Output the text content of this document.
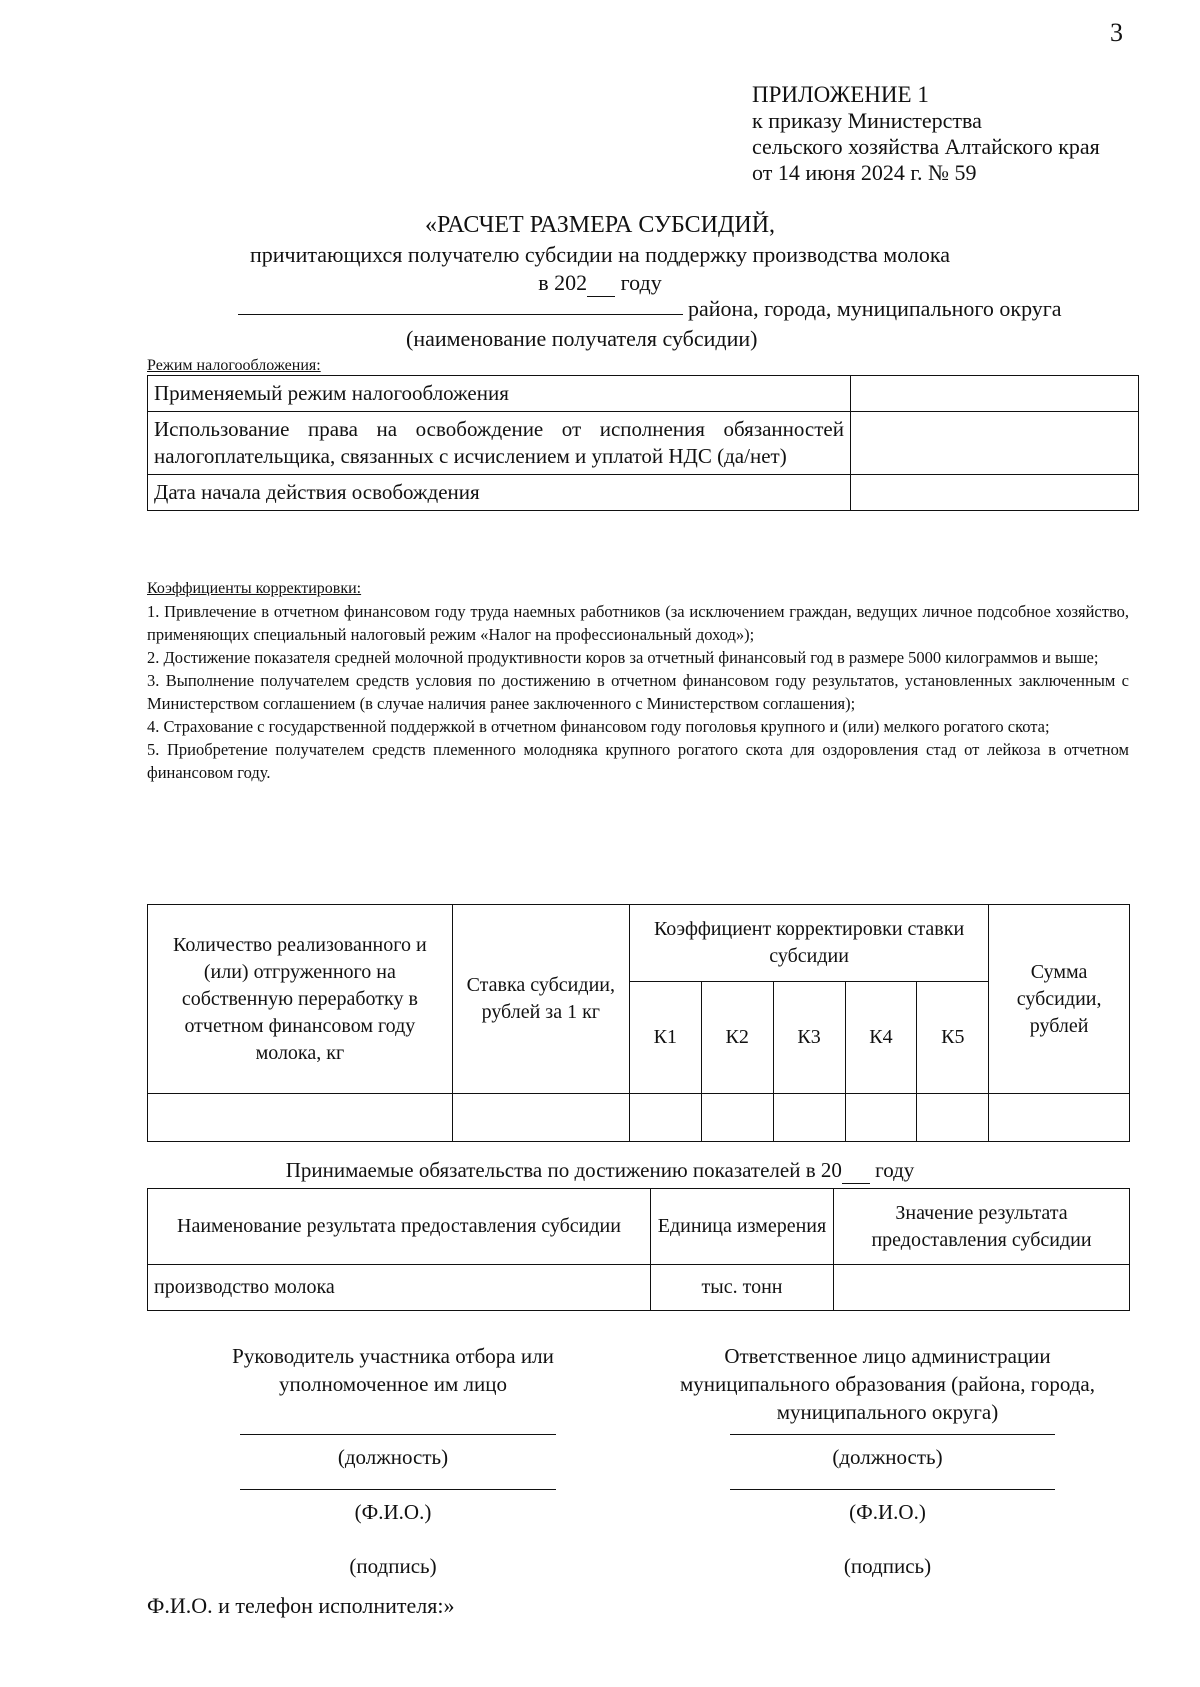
3
ПРИЛОЖЕНИЕ 1
к приказу Министерства
сельского хозяйства Алтайского края
от 14 июня 2024 г. № 59
«РАСЧЕТ РАЗМЕРА СУБСИДИЙ,
причитающихся получателю субсидии на поддержку производства молока
в 202 году
района, города, муниципального округа
(наименование получателя субсидии)
Режим налогообложения:
Применяемый режим налогообложения	
Использование права на освобождение от исполнения обязанностей налогоплательщика, связанных с исчислением и уплатой НДС (да/нет)	
Дата начала действия освобождения	
Коэффициенты корректировки:

1. Привлечение в отчетном финансовом году труда наемных работников (за исключением граждан, ведущих личное подсобное хозяйство, применяющих специальный налоговый режим «Налог на профессиональный доход»);

2. Достижение показателя средней молочной продуктивности коров за отчетный финансовый год в размере 5000 килограммов и выше;

3. Выполнение получателем средств условия по достижению в отчетном финансовом году результатов, установленных заключенным с Министерством соглашением (в случае наличия ранее заключенного с Министерством соглашения);

4. Страхование с государственной поддержкой в отчетном финансовом году поголовья крупного и (или) мелкого рогатого скота;

5. Приобретение получателем средств племенного молодняка крупного рогатого скота для оздоровления стад от лейкоза в отчетном финансовом году.

Количество реализованного и (или) отгруженного на собственную переработку в отчетном финансовом году молока, кг	Ставка субсидии, рублей за 1 кг	Коэффициент корректировки ставки субсидии					Сумма субсидии, рублей
		К1	К2	К3	К4	К5	

Принимаемые обязательства по достижению показателей в 20 году
Наименование результата предоставления субсидии	Единица измерения	Значение результата предоставления субсидии
производство молока	тыс. тонн	
Руководитель участника отбора или уполномоченное им лицо
(должность)
(Ф.И.О.)
(подпись)
Ответственное лицо администрации муниципального образования (района, города, муниципального округа)
(должность)
(Ф.И.О.)
(подпись)
Ф.И.О. и телефон исполнителя:»
